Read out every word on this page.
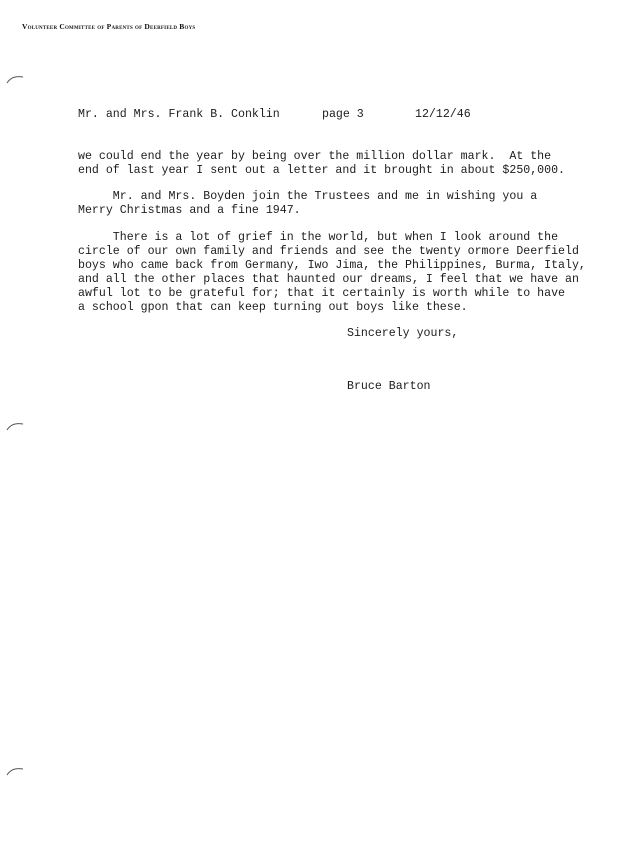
Volunteer Committee of Parents of Deerfield Boys
Mr. and Mrs. Frank B. Conklin	page 3	12/12/46
we could end the year by being over the million dollar mark.  At the
end of last year I sent out a letter and it brought in about $250,000.
Mr. and Mrs. Boyden join the Trustees and me in wishing you a
Merry Christmas and a fine 1947.
There is a lot of grief in the world, but when I look around the
circle of our own family and friends and see the twenty ormore Deerfield
boys who came back from Germany, Iwo Jima, the Philippines, Burma, Italy,
and all the other places that haunted our dreams, I feel that we have an
awful lot to be grateful for; that it certainly is worth while to have
a school gpon that can keep turning out boys like these.
Sincerely yours,
Bruce Barton
